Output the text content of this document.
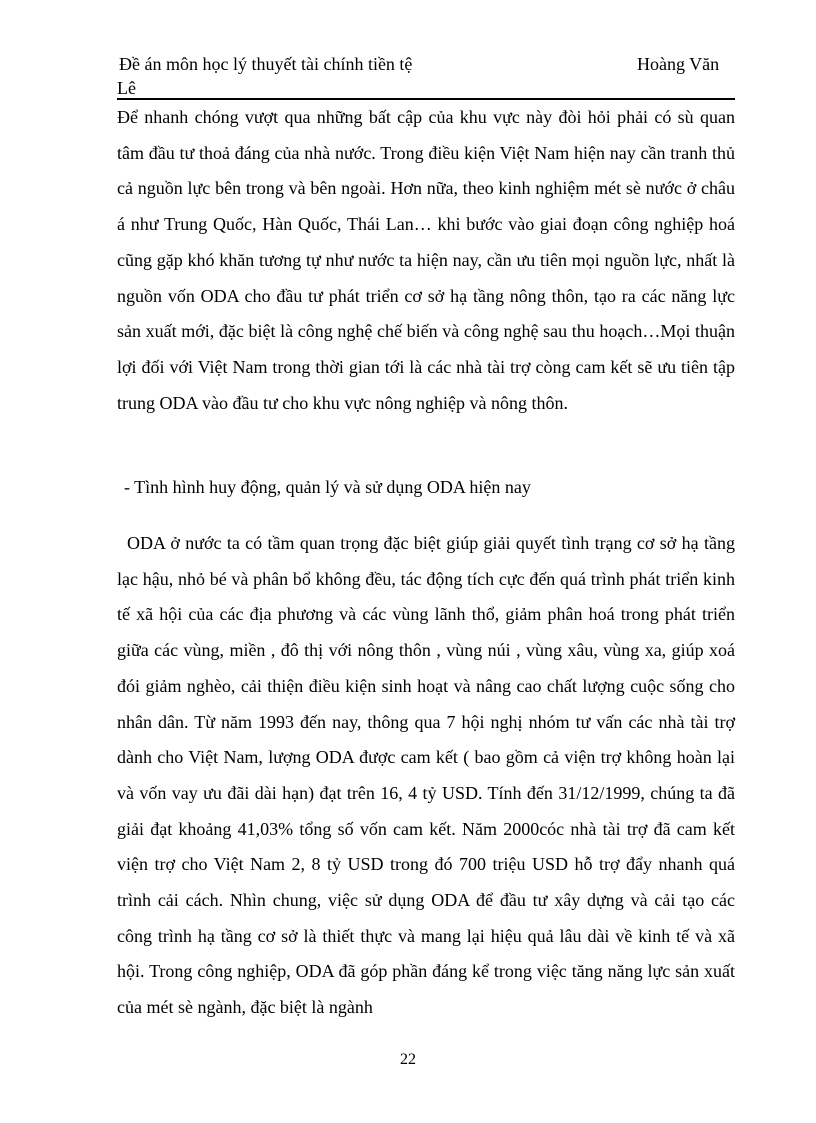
Đề án môn học lý thuyết tài chính tiền tệ	Hoàng Văn
Lê

Để nhanh chóng vượt qua những bất cập của khu vực này đòi hỏi phải có sù quan tâm đầu tư thoả đáng của nhà nước. Trong điều kiện Việt Nam hiện nay cần tranh thủ cả nguồn lực bên trong và bên ngoài. Hơn nữa, theo kinh nghiệm mét sè nước ở châu á như Trung Quốc, Hàn Quốc, Thái Lan… khi bước vào giai đoạn công nghiệp hoá cũng gặp khó khăn tương tự như nước ta hiện nay, cần ưu tiên mọi nguồn lực, nhất là nguồn vốn ODA cho đầu tư phát triển cơ sở hạ tầng nông thôn, tạo ra các năng lực sản xuất mới, đặc biệt là công nghệ chế biến và công nghệ sau thu hoạch…Mọi thuận lợi đối với Việt Nam trong thời gian tới là các nhà tài trợ còng cam kết sẽ ưu tiên tập trung ODA vào đầu tư cho khu vực nông nghiệp và nông thôn.

- Tình hình huy động, quản lý và sử dụng ODA hiện nay

ODA ở nước ta có tầm quan trọng đặc biệt giúp giải quyết tình trạng cơ sở hạ tầng lạc hậu, nhỏ bé và phân bổ không đều, tác động tích cực đến quá trình phát triển kinh tế xã hội của các địa phương và các vùng lãnh thổ, giảm phân hoá trong phát triển giữa các vùng, miền , đô thị với nông thôn , vùng núi , vùng xâu, vùng xa, giúp xoá đói giảm nghèo, cải thiện điều kiện sinh hoạt và nâng cao chất lượng cuộc sống cho nhân dân. Từ năm 1993 đến nay, thông qua 7 hội nghị nhóm tư vấn các nhà tài trợ dành cho Việt Nam, lượng ODA được cam kết ( bao gồm cả viện trợ không hoàn lại và vốn vay ưu đãi dài hạn) đạt trên 16, 4 tỷ USD. Tính đến 31/12/1999, chúng ta đã giải đạt khoảng 41,03% tổng số vốn cam kết. Năm 2000cóc nhà tài trợ đã cam kết viện trợ cho Việt Nam 2, 8 tỷ USD trong đó 700 triệu USD hỗ trợ đẩy nhanh quá trình cải cách. Nhìn chung, việc sử dụng ODA để đầu tư xây dựng và cải tạo các công trình hạ tầng cơ sở là thiết thực và mang lại hiệu quả lâu dài về kinh tế và xã hội. Trong công nghiệp, ODA đã góp phần đáng kể trong việc tăng năng lực sản xuất của mét sè ngành, đặc biệt là ngành

22
